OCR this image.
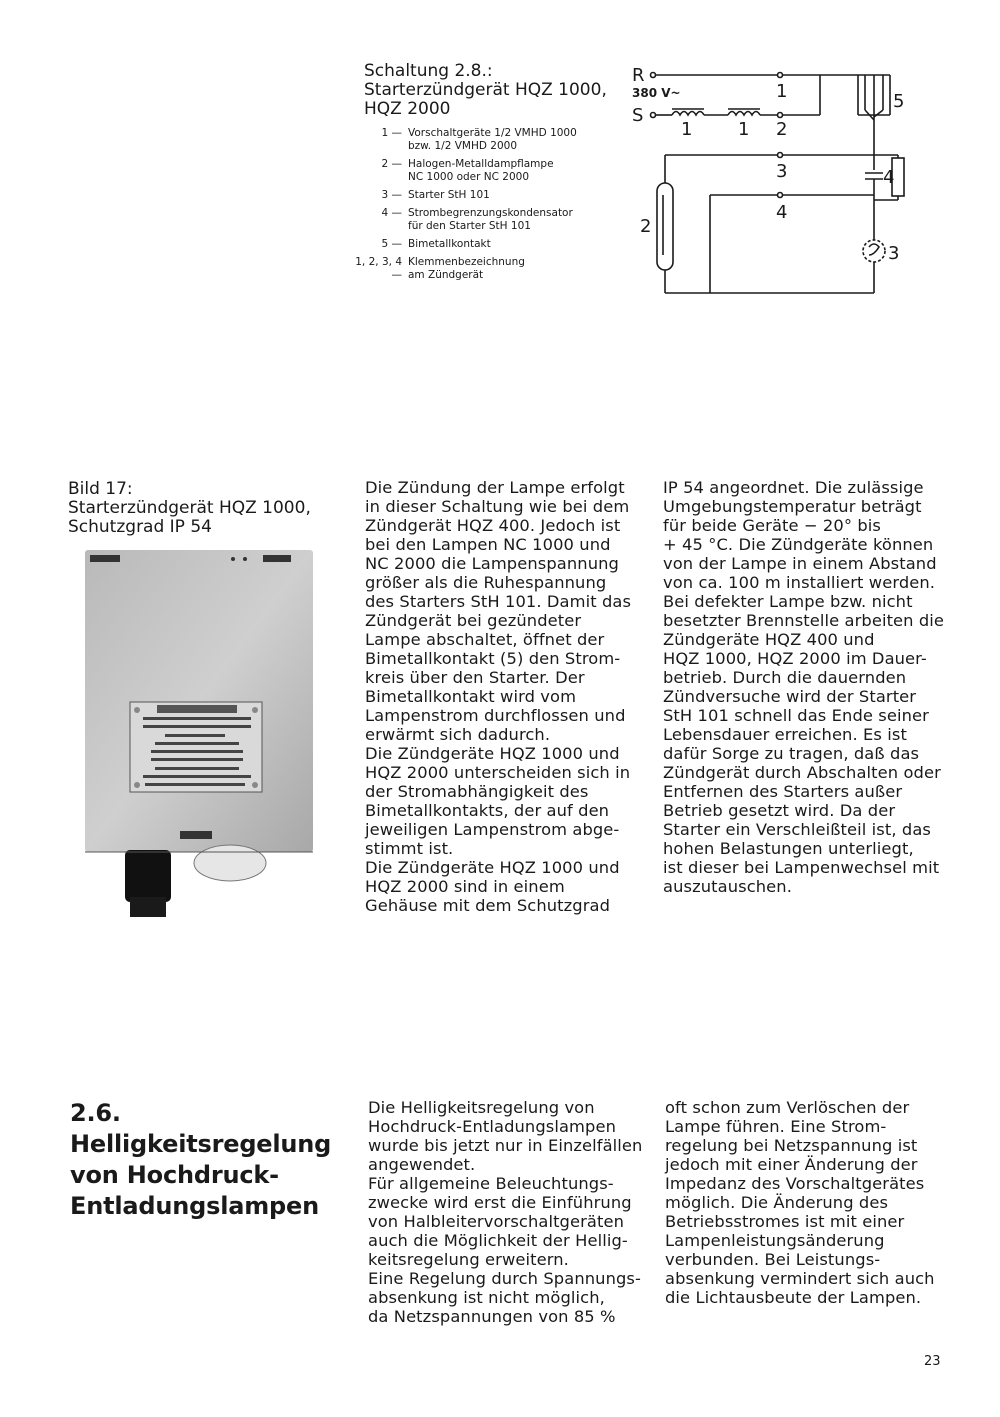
Schaltung 2.8.:
Starterzündgerät HQZ 1000,
HQZ 2000
1 — Vorschaltgeräte 1/2 VMHD 1000
bzw. 1/2 VMHD 2000
2 — Halogen-Metalldampflampe
NC 1000 oder NC 2000
3 — Starter StH 101
4 — Strombegrenzungskondensator
für den Starter StH 101
5 — Bimetallkontakt
1, 2, 3, 4 —
Klemmenbezeichnung
am Zündgerät
R
380 V~
S
1	1
1
2
3
4
2
5
4
3
Bild 17:
Starterzündgerät HQZ 1000,
Schutzgrad IP 54
Die Zündung der Lampe erfolgt
in dieser Schaltung wie bei dem
Zündgerät HQZ 400. Jedoch ist
bei den Lampen NC 1000 und
NC 2000 die Lampenspannung
größer als die Ruhespannung
des Starters StH 101. Damit das
Zündgerät bei gezündeter
Lampe abschaltet, öffnet der
Bimetallkontakt (5) den Strom-
kreis über den Starter. Der
Bimetallkontakt wird vom
Lampenstrom durchflossen und
erwärmt sich dadurch.
Die Zündgeräte HQZ 1000 und
HQZ 2000 unterscheiden sich in
der Stromabhängigkeit des
Bimetallkontakts, der auf den
jeweiligen Lampenstrom abge-
stimmt ist.
Die Zündgeräte HQZ 1000 und
HQZ 2000 sind in einem
Gehäuse mit dem Schutzgrad
IP 54 angeordnet. Die zulässige
Umgebungstemperatur beträgt
für beide Geräte − 20° bis
+ 45 °C. Die Zündgeräte können
von der Lampe in einem Abstand
von ca. 100 m installiert werden.
Bei defekter Lampe bzw. nicht
besetzter Brennstelle arbeiten die
Zündgeräte HQZ 400 und
HQZ 1000, HQZ 2000 im Dauer-
betrieb. Durch die dauernden
Zündversuche wird der Starter
StH 101 schnell das Ende seiner
Lebensdauer erreichen. Es ist
dafür Sorge zu tragen, daß das
Zündgerät durch Abschalten oder
Entfernen des Starters außer
Betrieb gesetzt wird. Da der
Starter ein Verschleißteil ist, das
hohen Belastungen unterliegt,
ist dieser bei Lampenwechsel mit
auszutauschen.
2.6.
Helligkeitsregelung
von Hochdruck-
Entladungslampen
Die Helligkeitsregelung von
Hochdruck-Entladungslampen
wurde bis jetzt nur in Einzelfällen
angewendet.
Für allgemeine Beleuchtungs-
zwecke wird erst die Einführung
von Halbleitervorschaltgeräten
auch die Möglichkeit der Hellig-
keitsregelung erweitern.
Eine Regelung durch Spannungs-
absenkung ist nicht möglich,
da Netzspannungen von 85 %
oft schon zum Verlöschen der
Lampe führen. Eine Strom-
regelung bei Netzspannung ist
jedoch mit einer Änderung der
Impedanz des Vorschaltgerätes
möglich. Die Änderung des
Betriebsstromes ist mit einer
Lampenleistungsänderung
verbunden. Bei Leistungs-
absenkung vermindert sich auch
die Lichtausbeute der Lampen.
23
